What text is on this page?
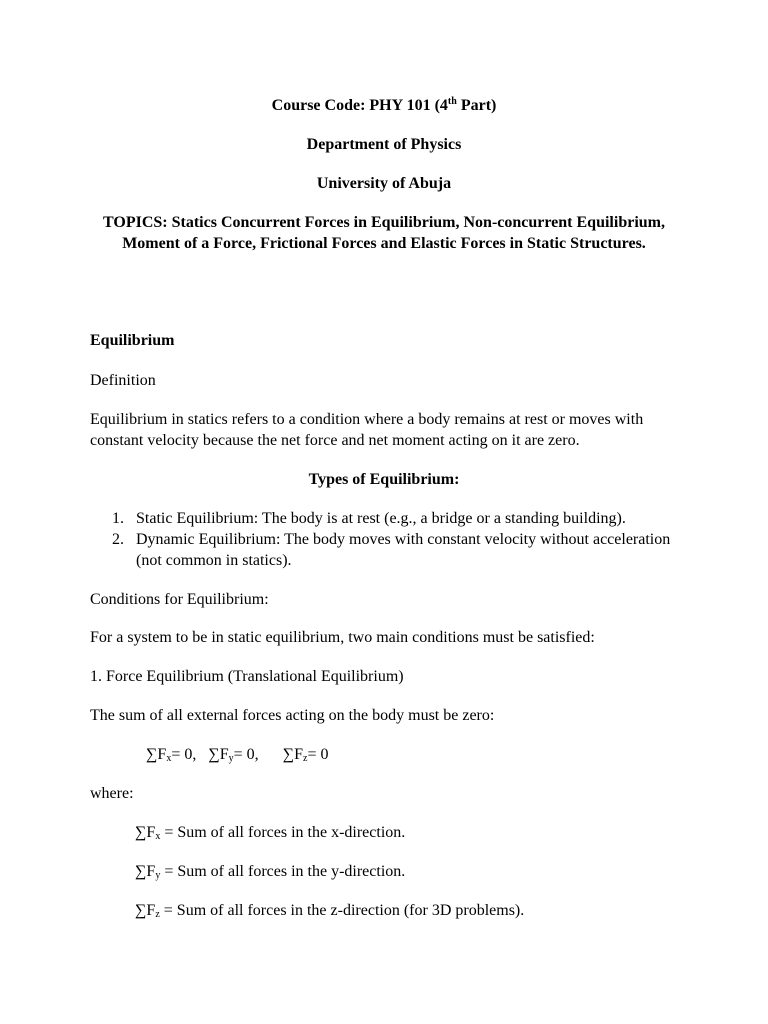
Course Code: PHY 101 (4th Part)

Department of Physics

University of Abuja

TOPICS: Statics Concurrent Forces in Equilibrium, Non-concurrent Equilibrium, Moment of a Force, Frictional Forces and Elastic Forces in Static Structures.

Equilibrium

Definition

Equilibrium in statics refers to a condition where a body remains at rest or moves with constant velocity because the net force and net moment acting on it are zero.

Types of Equilibrium:

1. Static Equilibrium: The body is at rest (e.g., a bridge or a standing building).
2. Dynamic Equilibrium: The body moves with constant velocity without acceleration (not common in statics).

Conditions for Equilibrium:

For a system to be in static equilibrium, two main conditions must be satisfied:

1. Force Equilibrium (Translational Equilibrium)

The sum of all external forces acting on the body must be zero:

$\sum F_x= 0$, $\sum F_y= 0$, $\sum F_z= 0$

where:

$\sum F_x$ = Sum of all forces in the x-direction.

$\sum F_y$ = Sum of all forces in the y-direction.

$\sum F_z$ = Sum of all forces in the z-direction (for 3D problems).
